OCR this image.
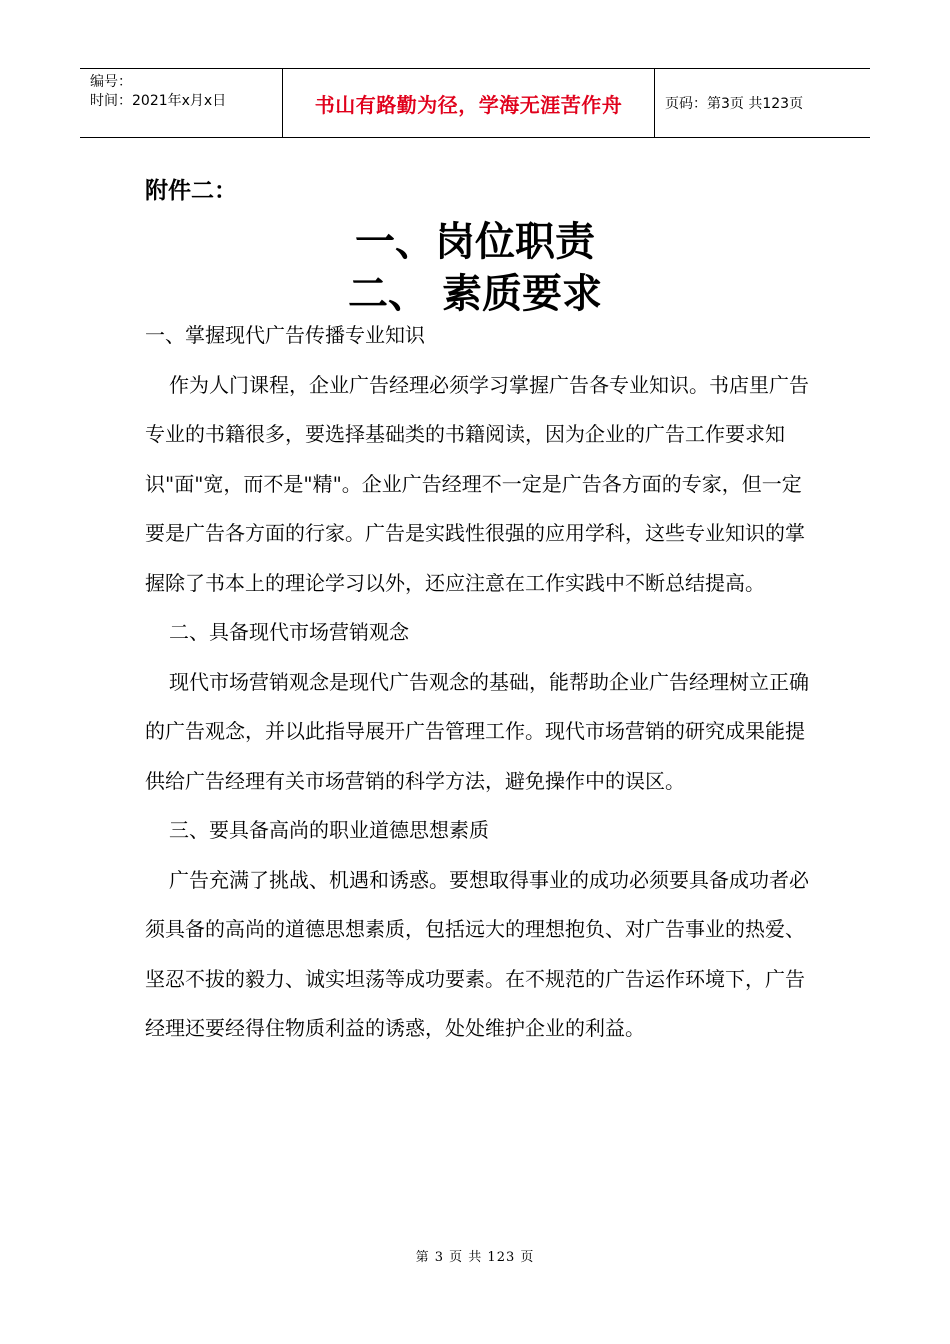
编号：
时间：2021年x月x日	书山有路勤为径，学海无涯苦作舟	页码：第3页 共123页
附件二：
一、岗位职责
二、 素质要求

一、掌握现代广告传播专业知识

作为人门课程，企业广告经理必须学习掌握广告各专业知识。书店里广告专业的书籍很多，要选择基础类的书籍阅读，因为企业的广告工作要求知识"面"宽，而不是"精"。企业广告经理不一定是广告各方面的专家，但一定要是广告各方面的行家。广告是实践性很强的应用学科，这些专业知识的掌握除了书本上的理论学习以外，还应注意在工作实践中不断总结提高。

二、具备现代市场营销观念

现代市场营销观念是现代广告观念的基础，能帮助企业广告经理树立正确的广告观念，并以此指导展开广告管理工作。现代市场营销的研究成果能提供给广告经理有关市场营销的科学方法，避免操作中的误区。

三、要具备高尚的职业道德思想素质

广告充满了挑战、机遇和诱惑。要想取得事业的成功必须要具备成功者必须具备的高尚的道德思想素质，包括远大的理想抱负、对广告事业的热爱、坚忍不拔的毅力、诚实坦荡等成功要素。在不规范的广告运作环境下，广告经理还要经得住物质利益的诱惑，处处维护企业的利益。

第 3 页 共 123 页
